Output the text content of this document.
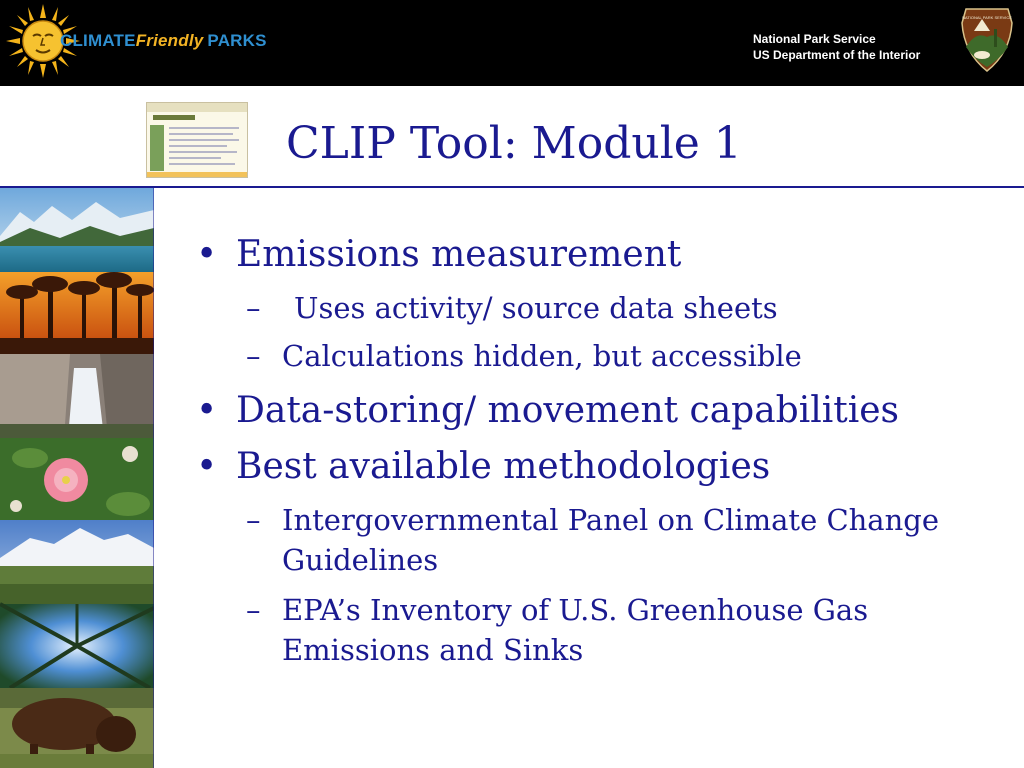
CLIMATEFriendly PARKS	National Park Service
US Department of the Interior
NATIONAL PARK SERVICE
CLIP Tool: Module 1
• Emissions measurement
– Uses activity/ source data sheets
– Calculations hidden, but accessible
• Data-storing/ movement capabilities
• Best available methodologies
– Intergovernmental Panel on Climate Change Guidelines
– EPA’s Inventory of U.S. Greenhouse Gas Emissions and Sinks
